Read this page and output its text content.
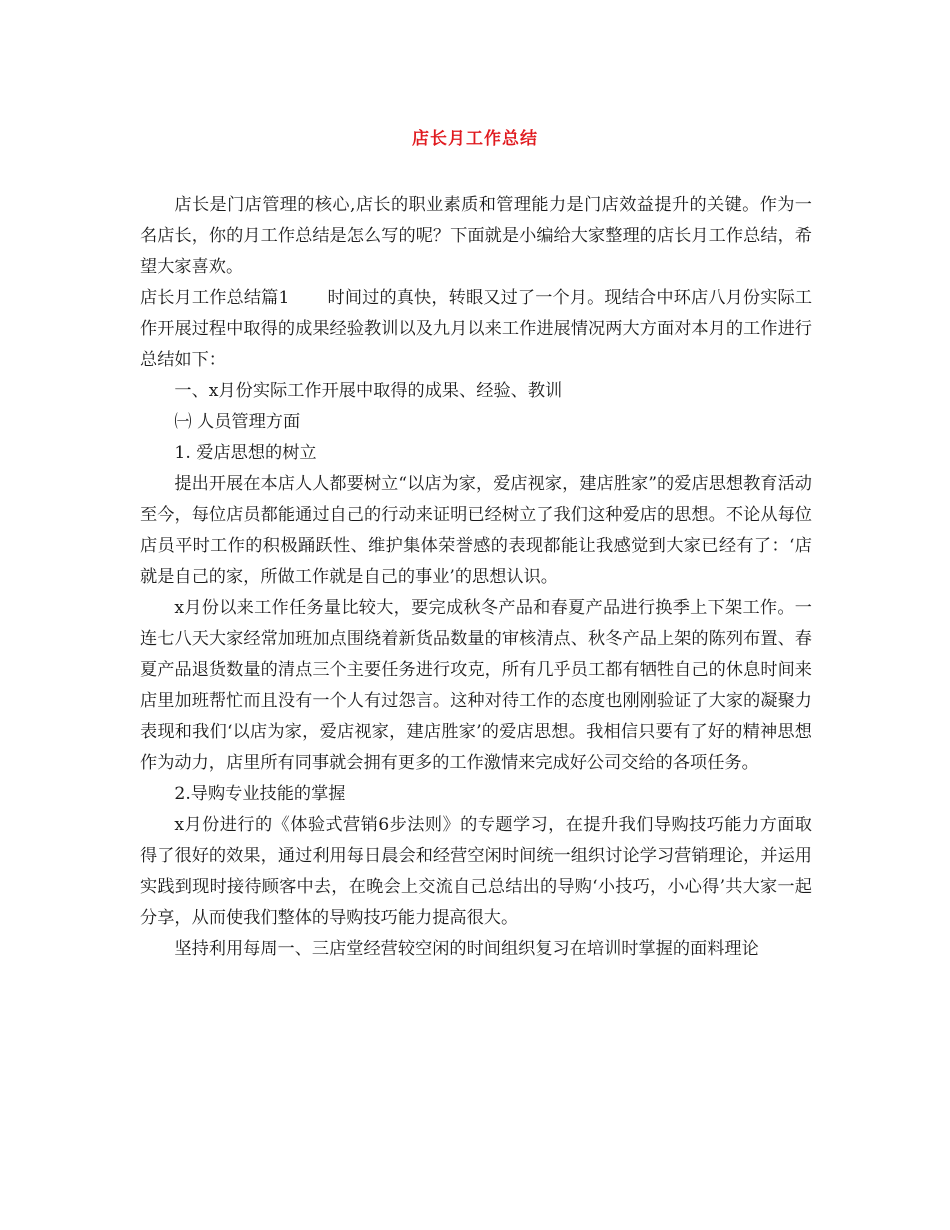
店长月工作总结

店长是门店管理的核心,店长的职业素质和管理能力是门店效益提升的关键。作为一名店长，你的月工作总结是怎么写的呢？下面就是小编给大家整理的店长月工作总结，希望大家喜欢。

店长月工作总结篇1 时间过的真快，转眼又过了一个月。现结合中环店八月份实际工作开展过程中取得的成果经验教训以及九月以来工作进展情况两大方面对本月的工作进行总结如下：

一、x月份实际工作开展中取得的成果、经验、教训

㈠ 人员管理方面

1. 爱店思想的树立

提出开展在本店人人都要树立“以店为家，爱店视家，建店胜家”的爱店思想教育活动至今，每位店员都能通过自己的行动来证明已经树立了我们这种爱店的思想。不论从每位店员平时工作的积极踊跃性、维护集体荣誉感的表现都能让我感觉到大家已经有了：‘店就是自己的家，所做工作就是自己的事业’的思想认识。

x月份以来工作任务量比较大，要完成秋冬产品和春夏产品进行换季上下架工作。一连七八天大家经常加班加点围绕着新货品数量的审核清点、秋冬产品上架的陈列布置、春夏产品退货数量的清点三个主要任务进行攻克，所有几乎员工都有牺牲自己的休息时间来店里加班帮忙而且没有一个人有过怨言。这种对待工作的态度也刚刚验证了大家的凝聚力表现和我们‘以店为家，爱店视家，建店胜家’的爱店思想。我相信只要有了好的精神思想作为动力，店里所有同事就会拥有更多的工作激情来完成好公司交给的各项任务。

2.导购专业技能的掌握

x月份进行的《体验式营销6步法则》的专题学习，在提升我们导购技巧能力方面取得了很好的效果，通过利用每日晨会和经营空闲时间统一组织讨论学习营销理论，并运用实践到现时接待顾客中去，在晚会上交流自己总结出的导购‘小技巧，小心得’共大家一起分享，从而使我们整体的导购技巧能力提高很大。

坚持利用每周一、三店堂经营较空闲的时间组织复习在培训时掌握的面料理论
